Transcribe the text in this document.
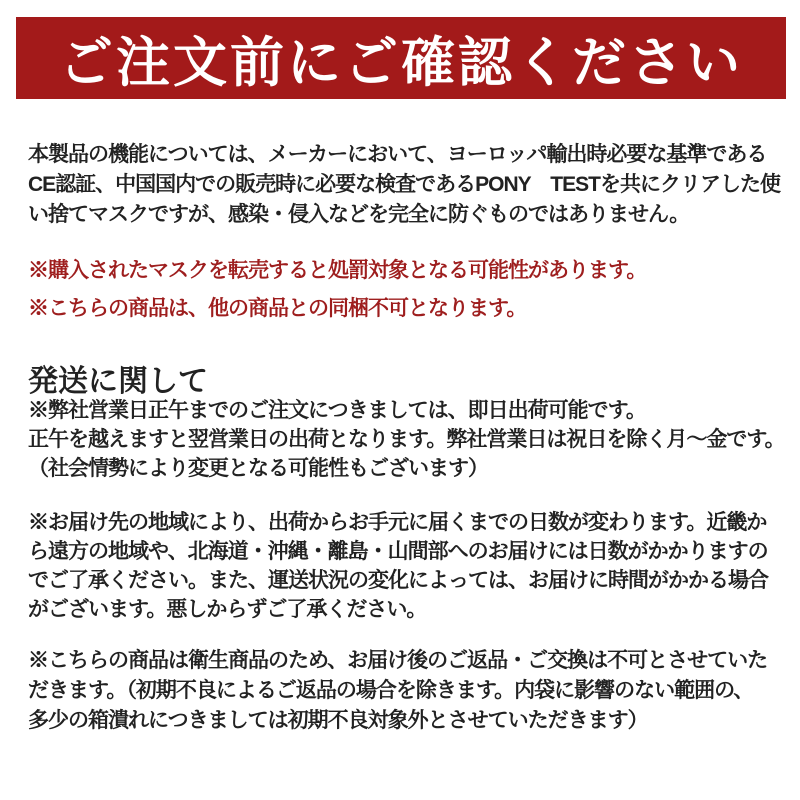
ご注文前にご確認ください
本製品の機能については、メーカーにおいて、ヨーロッパ輸出時必要な基準である
CE認証、中国国内での販売時に必要な検査であるPONY　TESTを共にクリアした使
い捨てマスクですが、感染・侵入などを完全に防ぐものではありません。
※購入されたマスクを転売すると処罰対象となる可能性があります。
※こちらの商品は、他の商品との同梱不可となります。
発送に関して
※弊社営業日正午までのご注文につきましては、即日出荷可能です。
正午を越えますと翌営業日の出荷となります。弊社営業日は祝日を除く月～金です。
（社会情勢により変更となる可能性もございます）
※お届け先の地域により、出荷からお手元に届くまでの日数が変わります。近畿か
ら遠方の地域や、北海道・沖縄・離島・山間部へのお届けには日数がかかりますの
でご了承ください。また、運送状況の変化によっては、お届けに時間がかかる場合
がございます。悪しからずご了承ください。
※こちらの商品は衛生商品のため、お届け後のご返品・ご交換は不可とさせていた
だきます。（初期不良によるご返品の場合を除きます。内袋に影響のない範囲の、
多少の箱潰れにつきましては初期不良対象外とさせていただきます）
